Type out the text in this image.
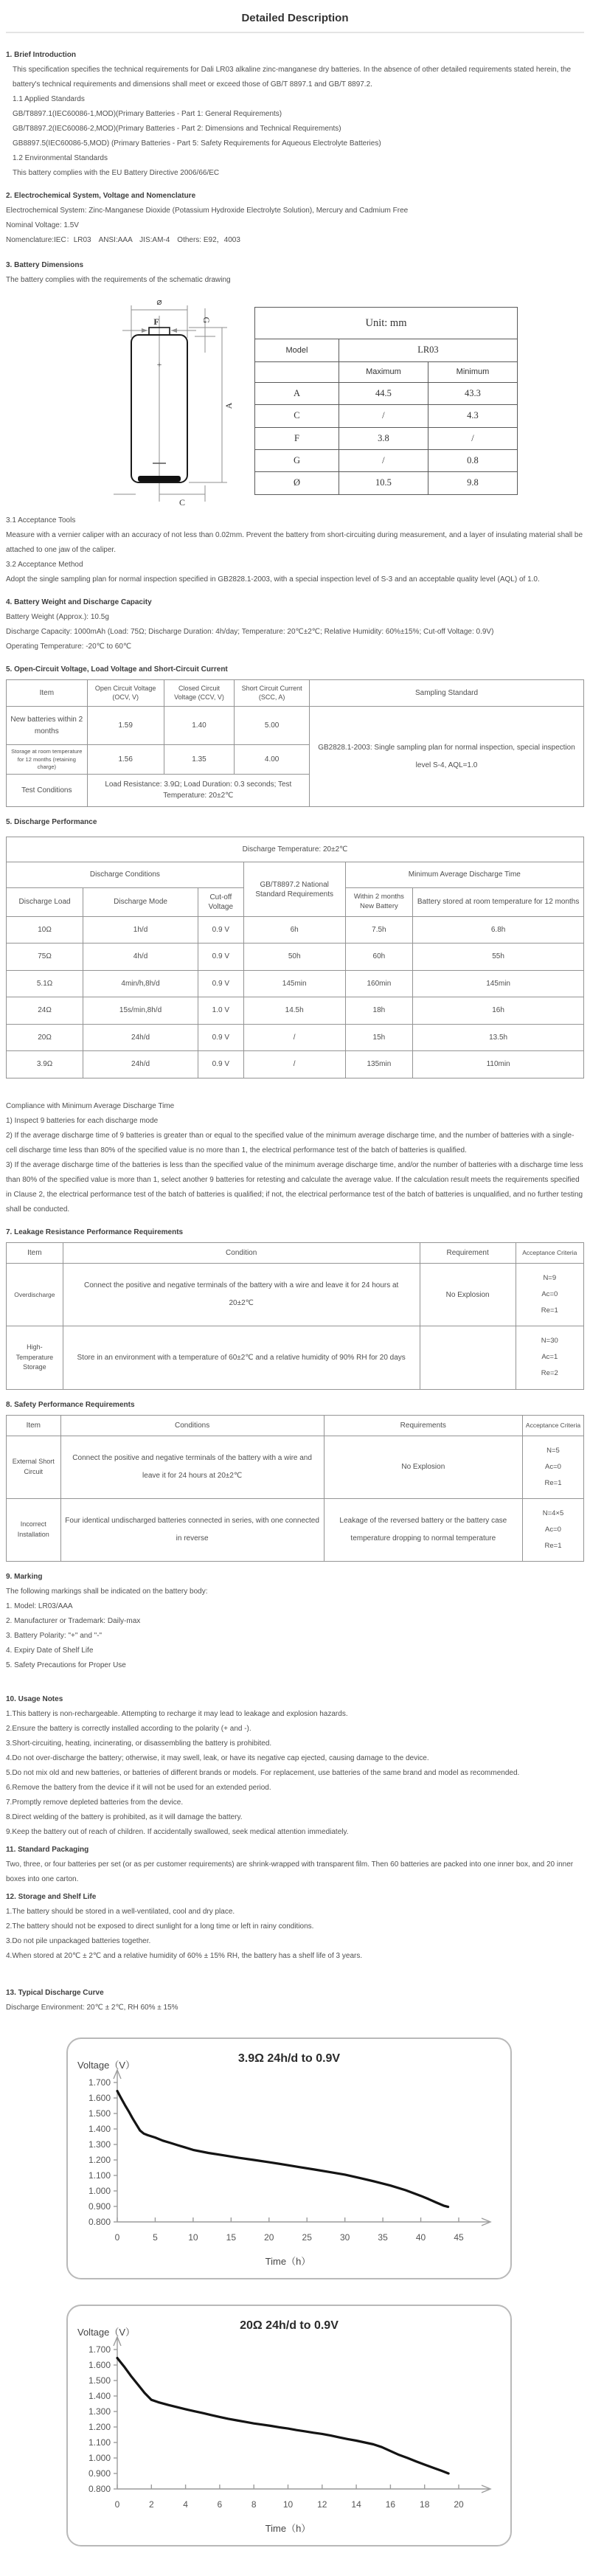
Detailed Description
1. Brief Introduction

This specification specifies the technical requirements for Dali LR03 alkaline zinc-manganese dry batteries. In the absence of other detailed requirements stated herein, the battery's technical requirements and dimensions shall meet or exceed those of GB/T 8897.1 and GB/T 8897.2.

1.1 Applied Standards

GB/T8897.1(IEC60086-1,MOD)(Primary Batteries - Part 1: General Requirements)

GB/T8897.2(IEC60086-2,MOD)(Primary Batteries - Part 2: Dimensions and Technical Requirements)

GB8897.5(IEC60086-5,MOD) (Primary Batteries - Part 5: Safety Requirements for Aqueous Electrolyte Batteries)

1.2 Environmental Standards

This battery complies with the EU Battery Directive 2006/66/EC

2. Electrochemical System, Voltage and Nomenclature

Electrochemical System: Zinc-Manganese Dioxide (Potassium Hydroxide Electrolyte Solution), Mercury and Cadmium Free

Nominal Voltage: 1.5V

Nomenclature:IEC：LR03　ANSI:AAA　JIS:AM-4　Others: E92，4003

3. Battery Dimensions

The battery complies with the requirements of the schematic drawing

⌀
F
+
G
A
C
Unit: mm		
Model	LR03	
	Maximum	Minimum
A	44.5	43.3
C	/	4.3
F	3.8	/
G	/	0.8
Ø	10.5	9.8

3.1 Acceptance Tools

Measure with a vernier caliper with an accuracy of not less than 0.02mm. Prevent the battery from short-circuiting during measurement, and a layer of insulating material shall be attached to one jaw of the caliper.

3.2 Acceptance Method

Adopt the single sampling plan for normal inspection specified in GB2828.1-2003, with a special inspection level of S-3 and an acceptable quality level (AQL) of 1.0.

4. Battery Weight and Discharge Capacity

Battery Weight (Approx.): 10.5g

Discharge Capacity: 1000mAh (Load: 75Ω; Discharge Duration: 4h/day; Temperature: 20℃±2℃; Relative Humidity: 60%±15%; Cut-off Voltage: 0.9V)

Operating Temperature: -20℃ to 60℃

5. Open-Circuit Voltage, Load Voltage and Short-Circuit Current
Item	Open Circuit Voltage (OCV, V)	Closed Circuit Voltage (CCV, V)	Short Circuit Current (SCC, A)	Sampling Standard
New batteries within 2 months	1.59	1.40	5.00	GB2828.1-2003: Single sampling plan for normal inspection, special inspection level S-4, AQL=1.0
Storage at room temperature for 12 months (retaining charge)	1.56	1.35	4.00	
Test Conditions	Load Resistance: 3.9Ω; Load Duration: 0.3 seconds; Test Temperature: 20±2℃			
5. Discharge Performance
Discharge Temperature: 20±2℃					
Discharge Conditions			GB/T8897.2 National Standard Requirements	Minimum Average Discharge Time	
Discharge Load	Discharge Mode	Cut-off Voltage		Within 2 months New Battery	Battery stored at room temperature for 12 months
10Ω	1h/d	0.9 V	6h	7.5h	6.8h
75Ω	4h/d	0.9 V	50h	60h	55h
5.1Ω	4min/h,8h/d	0.9 V	145min	160min	145min
24Ω	15s/min,8h/d	1.0 V	14.5h	18h	16h
20Ω	24h/d	0.9 V	/	15h	13.5h
3.9Ω	24h/d	0.9 V	/	135min	110min

Compliance with Minimum Average Discharge Time

1) Inspect 9 batteries for each discharge mode

2) If the average discharge time of 9 batteries is greater than or equal to the specified value of the minimum average discharge time, and the number of batteries with a single-cell discharge time less than 80% of the specified value is no more than 1, the electrical performance test of the batch of batteries is qualified.

3) If the average discharge time of the batteries is less than the specified value of the minimum average discharge time, and/or the number of batteries with a discharge time less than 80% of the specified value is more than 1, select another 9 batteries for retesting and calculate the average value. If the calculation result meets the requirements specified in Clause 2, the electrical performance test of the batch of batteries is qualified; if not, the electrical performance test of the batch of batteries is unqualified, and no further testing shall be conducted.

7. Leakage Resistance Performance Requirements
Item	Condition	Requirement	Acceptance Criteria
Overdischarge	Connect the positive and negative terminals of the battery with a wire and leave it for 24 hours at 20±2℃	No Explosion	N=9
Ac=0
Re=1

High-Temperature Storage	Store in an environment with a temperature of 60±2℃ and a relative humidity of 90% RH for 20 days		N=30
Ac=1
Re=2
8. Safety Performance Requirements
Item	Conditions	Requirements	Acceptance Criteria
External Short Circuit	Connect the positive and negative terminals of the battery with a wire and leave it for 24 hours at 20±2℃	No Explosion	N=5
Ac=0
Re=1

Incorrect Installation	Four identical undischarged batteries connected in series, with one connected in reverse	Leakage of the reversed battery or the battery case temperature dropping to normal temperature	N=4×5
Ac=0
Re=1
9. Marking

The following markings shall be indicated on the battery body:

1. Model: LR03/AAA

2. Manufacturer or Trademark: Daily-max

3. Battery Polarity: "+" and "-"

4. Expiry Date of Shelf Life

5. Safety Precautions for Proper Use

10. Usage Notes

1.This battery is non-rechargeable. Attempting to recharge it may lead to leakage and explosion hazards.

2.Ensure the battery is correctly installed according to the polarity (+ and -).

3.Short-circuiting, heating, incinerating, or disassembling the battery is prohibited.

4.Do not over-discharge the battery; otherwise, it may swell, leak, or have its negative cap ejected, causing damage to the device.

5.Do not mix old and new batteries, or batteries of different brands or models. For replacement, use batteries of the same brand and model as recommended.

6.Remove the battery from the device if it will not be used for an extended period.

7.Promptly remove depleted batteries from the device.

8.Direct welding of the battery is prohibited, as it will damage the battery.

9.Keep the battery out of reach of children. If accidentally swallowed, seek medical attention immediately.

11. Standard Packaging

Two, three, or four batteries per set (or as per customer requirements) are shrink-wrapped with transparent film. Then 60 batteries are packed into one inner box, and 20 inner boxes into one carton.

12. Storage and Shelf Life

1.The battery should be stored in a well-ventilated, cool and dry place.

2.The battery should not be exposed to direct sunlight for a long time or left in rainy conditions.

3.Do not pile unpackaged batteries together.

4.When stored at 20℃ ± 2℃ and a relative humidity of 60% ± 15% RH, the battery has a shelf life of 3 years.

13. Typical Discharge Curve

Discharge Environment: 20℃ ± 2℃, RH 60% ± 15%

3.9Ω 24h/d to 0.9V
1.700
1.600
1.500
1.400
1.300
1.200
1.100
1.000
0.900
0.800
0	5	10	15	20	25	30	35	40	45
Voltage（V）
Time（h）
20Ω 24h/d to 0.9V
1.700
1.600
1.500
1.400
1.300
1.200
1.100
1.000
0.900
0.800
0	2	4	6	8	10	12	14	16	18	20
Voltage（V）
Time（h）
